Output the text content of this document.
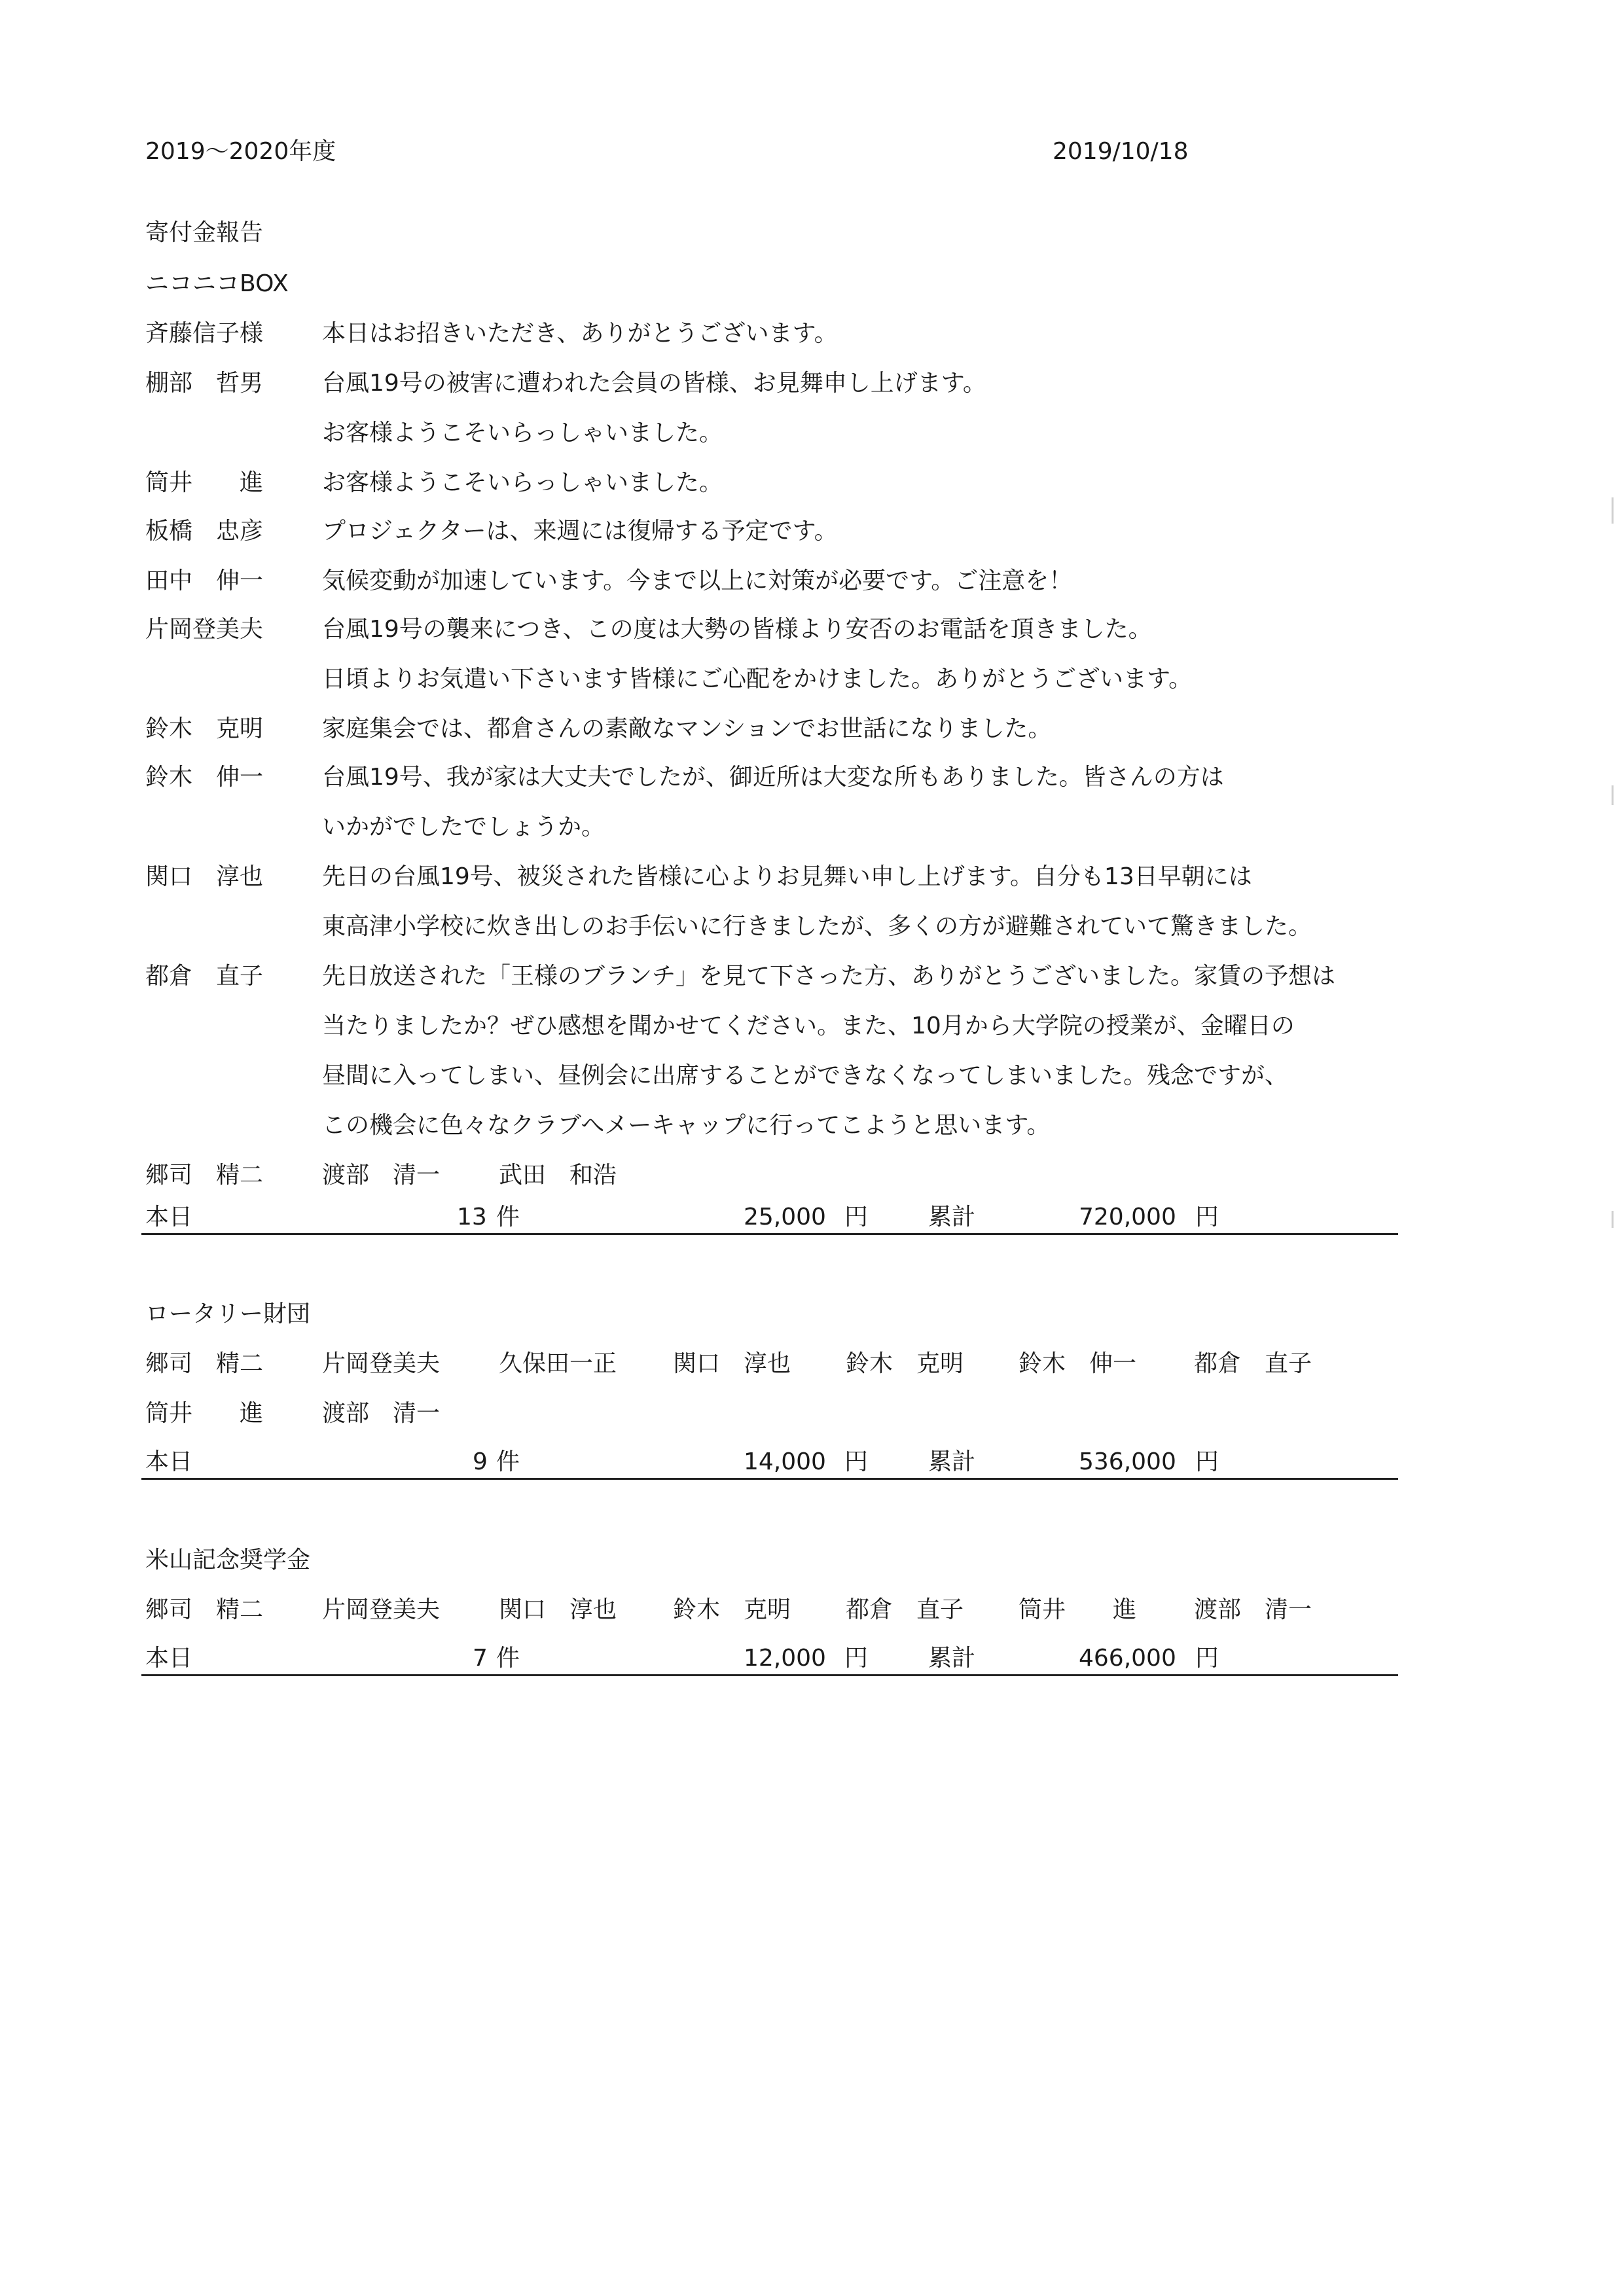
2019～2020年度	2019/10/18
寄付金報告
ニコニコBOX
斉藤信子様 本日はお招きいただき、ありがとうございます。
棚部　哲男 台風19号の被害に遭われた会員の皆様、お見舞申し上げます。
お客様ようこそいらっしゃいました。
筒井　　進 お客様ようこそいらっしゃいました。
板橋　忠彦 プロジェクターは、来週には復帰する予定です。
田中　伸一 気候変動が加速しています。今まで以上に対策が必要です。ご注意を！
片岡登美夫 台風19号の襲来につき、この度は大勢の皆様より安否のお電話を頂きました。
日頃よりお気遣い下さいます皆様にご心配をかけました。ありがとうございます。
鈴木　克明 家庭集会では、都倉さんの素敵なマンションでお世話になりました。
鈴木　伸一 台風19号、我が家は大丈夫でしたが、御近所は大変な所もありました。皆さんの方は
いかがでしたでしょうか。
関口　淳也 先日の台風19号、被災された皆様に心よりお見舞い申し上げます。自分も13日早朝には
東高津小学校に炊き出しのお手伝いに行きましたが、多くの方が避難されていて驚きました。
都倉　直子 先日放送された「王様のブランチ」を見て下さった方、ありがとうございました。家賃の予想は
当たりましたか？ぜひ感想を聞かせてください。また、10月から大学院の授業が、金曜日の
昼間に入ってしまい、昼例会に出席することができなくなってしまいました。残念ですが、
この機会に色々なクラブへメーキャップに行ってこようと思います。
郷司　精二 渡部　清一 武田　和浩
本日	13 件	25,000 円	累計	720,000 円
ロータリー財団
郷司　精二 片岡登美夫 久保田一正 関口　淳也 鈴木　克明 鈴木　伸一 都倉　直子
筒井　　進 渡部　清一
本日	9 件	14,000 円	累計	536,000 円
米山記念奨学金
郷司　精二 片岡登美夫 関口　淳也 鈴木　克明 都倉　直子 筒井　　進 渡部　清一
本日	7 件	12,000 円	累計	466,000 円
